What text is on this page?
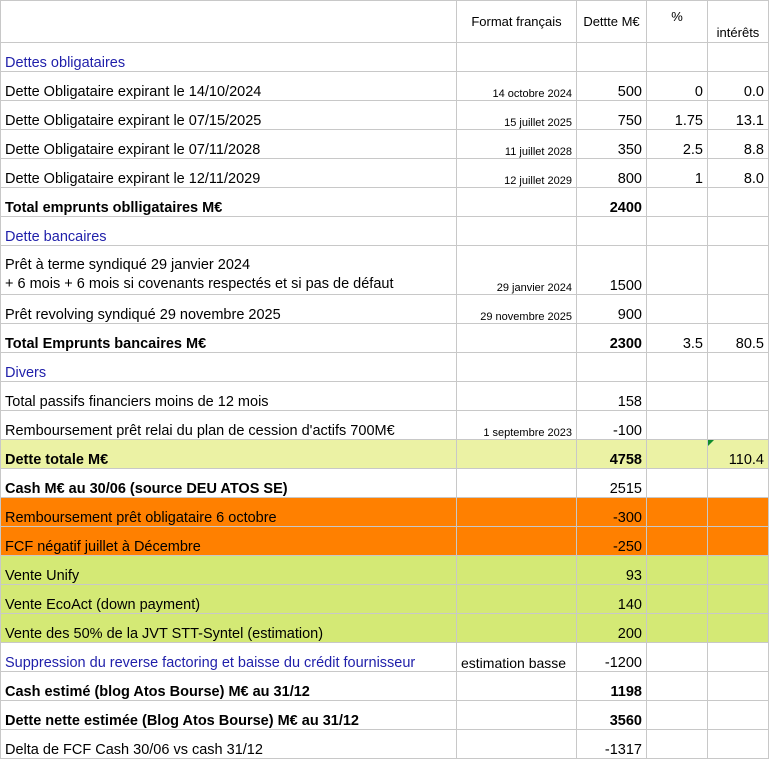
	Format français	Dettte M€	%	intérêts
Dettes obligataires				
Dette Obligataire expirant le 14/10/2024	14 octobre 2024	500	0	0.0
Dette Obligataire expirant le 07/15/2025	15 juillet 2025	750	1.75	13.1
Dette Obligataire expirant le 07/11/2028	11 juillet 2028	350	2.5	8.8
Dette Obligataire expirant le 12/11/2029	12 juillet 2029	800	1	8.0
Total emprunts oblligataires M€		2400		
Dette bancaires				

Prêt à terme syndiqué 29 janvier 2024
+ 6 mois + 6 mois si covenants respectés et si pas de défaut	29 janvier 2024	1500		
Prêt revolving syndiqué 29 novembre 2025	29 novembre 2025	900		
Total Emprunts bancaires M€		2300	3.5	80.5
Divers				
Total passifs financiers moins de 12 mois		158		
Remboursement prêt relai du plan de cession d'actifs 700M€	1 septembre 2023	-100		
Dette totale M€		4758		110.4
Cash M€ au 30/06 (source DEU ATOS SE)		2515		
Remboursement prêt obligataire 6 octobre		-300		
FCF négatif juillet à Décembre		-250		
Vente Unify		93		
Vente EcoAct (down payment)		140		
Vente des 50% de la JVT STT-Syntel (estimation)		200		
Suppression du reverse factoring et baisse du crédit fournisseur	estimation basse	-1200		
Cash estimé (blog Atos Bourse) M€ au 31/12		1198		
Dette nette estimée (Blog Atos Bourse) M€ au 31/12		3560		
Delta de FCF Cash 30/06 vs cash 31/12		-1317		
